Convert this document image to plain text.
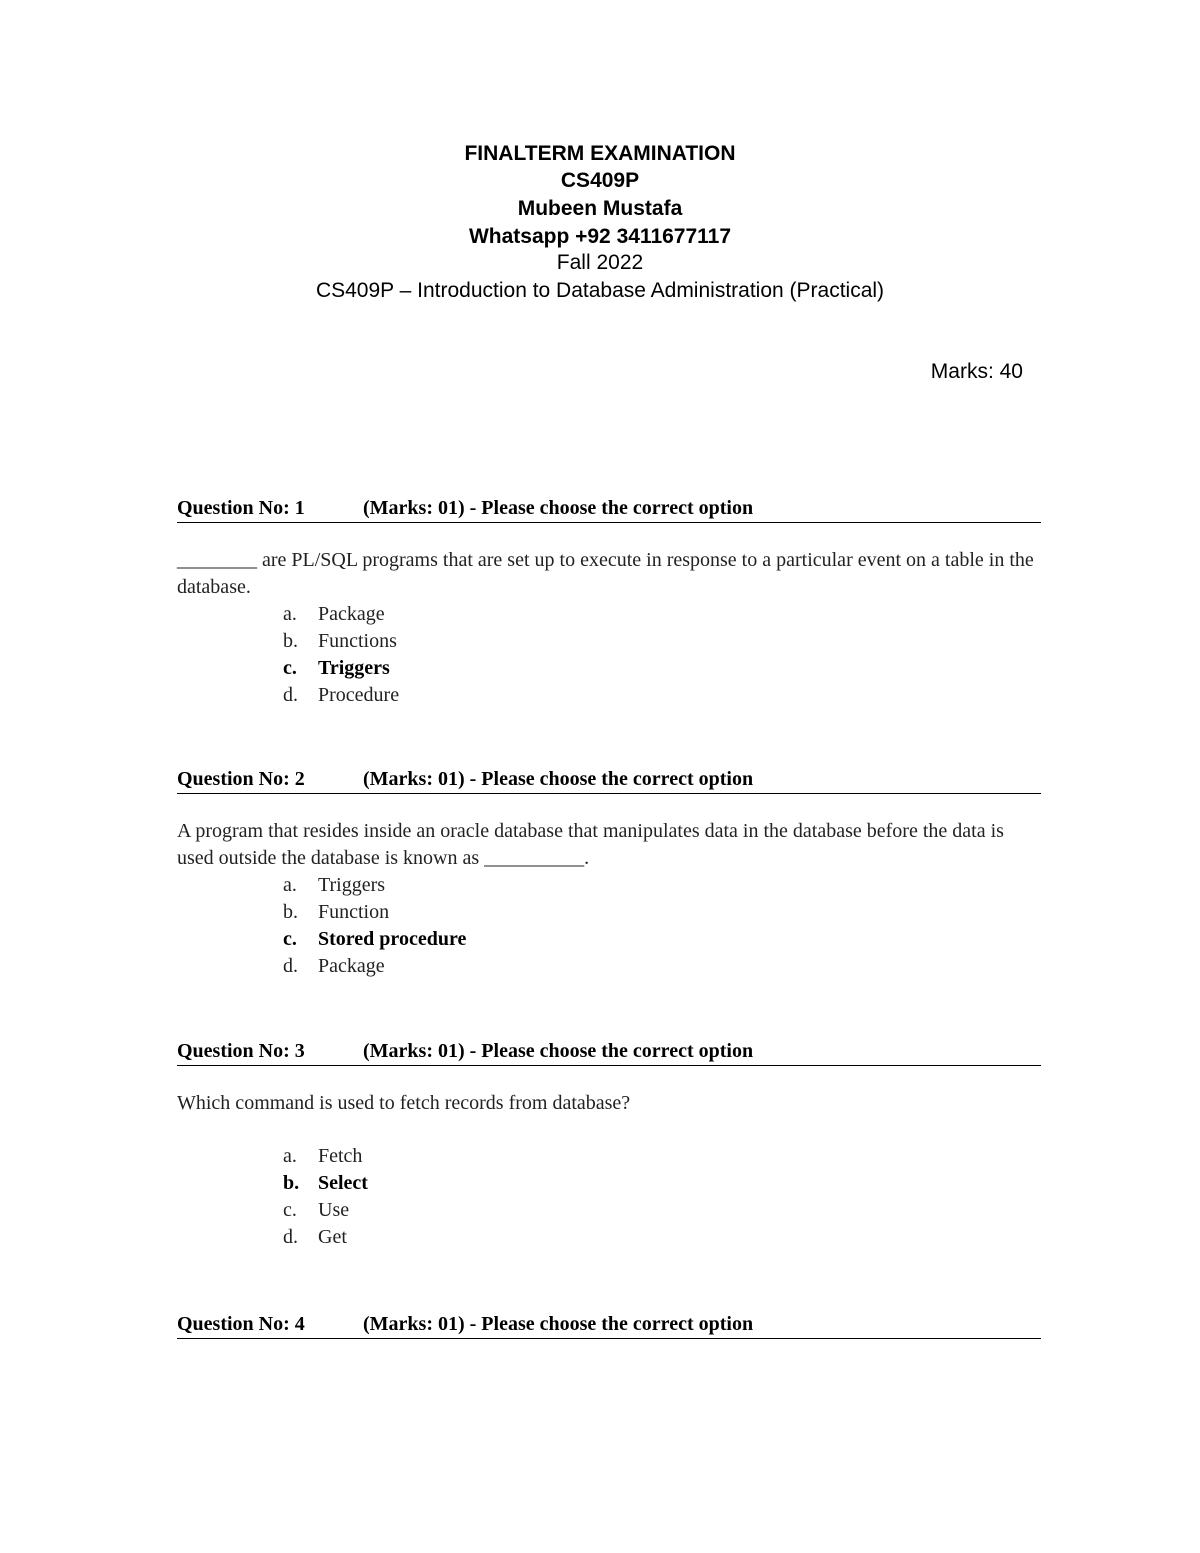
FINALTERM EXAMINATION
CS409P
Mubeen Mustafa
Whatsapp +92 3411677117
Fall 2022
CS409P – Introduction to Database Administration (Practical)
Marks: 40
Question No: 1	(Marks: 01) - Please choose the correct option
________ are PL/SQL programs that are set up to execute in response to a particular event on a table in the database.
a. Package
b. Functions
c. Triggers
d. Procedure
Question No: 2	(Marks: 01) - Please choose the correct option
A program that resides inside an oracle database that manipulates data in the database before the data is used outside the database is known as __________.
a. Triggers
b. Function
c. Stored procedure
d. Package
Question No: 3	(Marks: 01) - Please choose the correct option
Which command is used to fetch records from database?
a. Fetch
b. Select
c. Use
d. Get
Question No: 4	(Marks: 01) - Please choose the correct option
